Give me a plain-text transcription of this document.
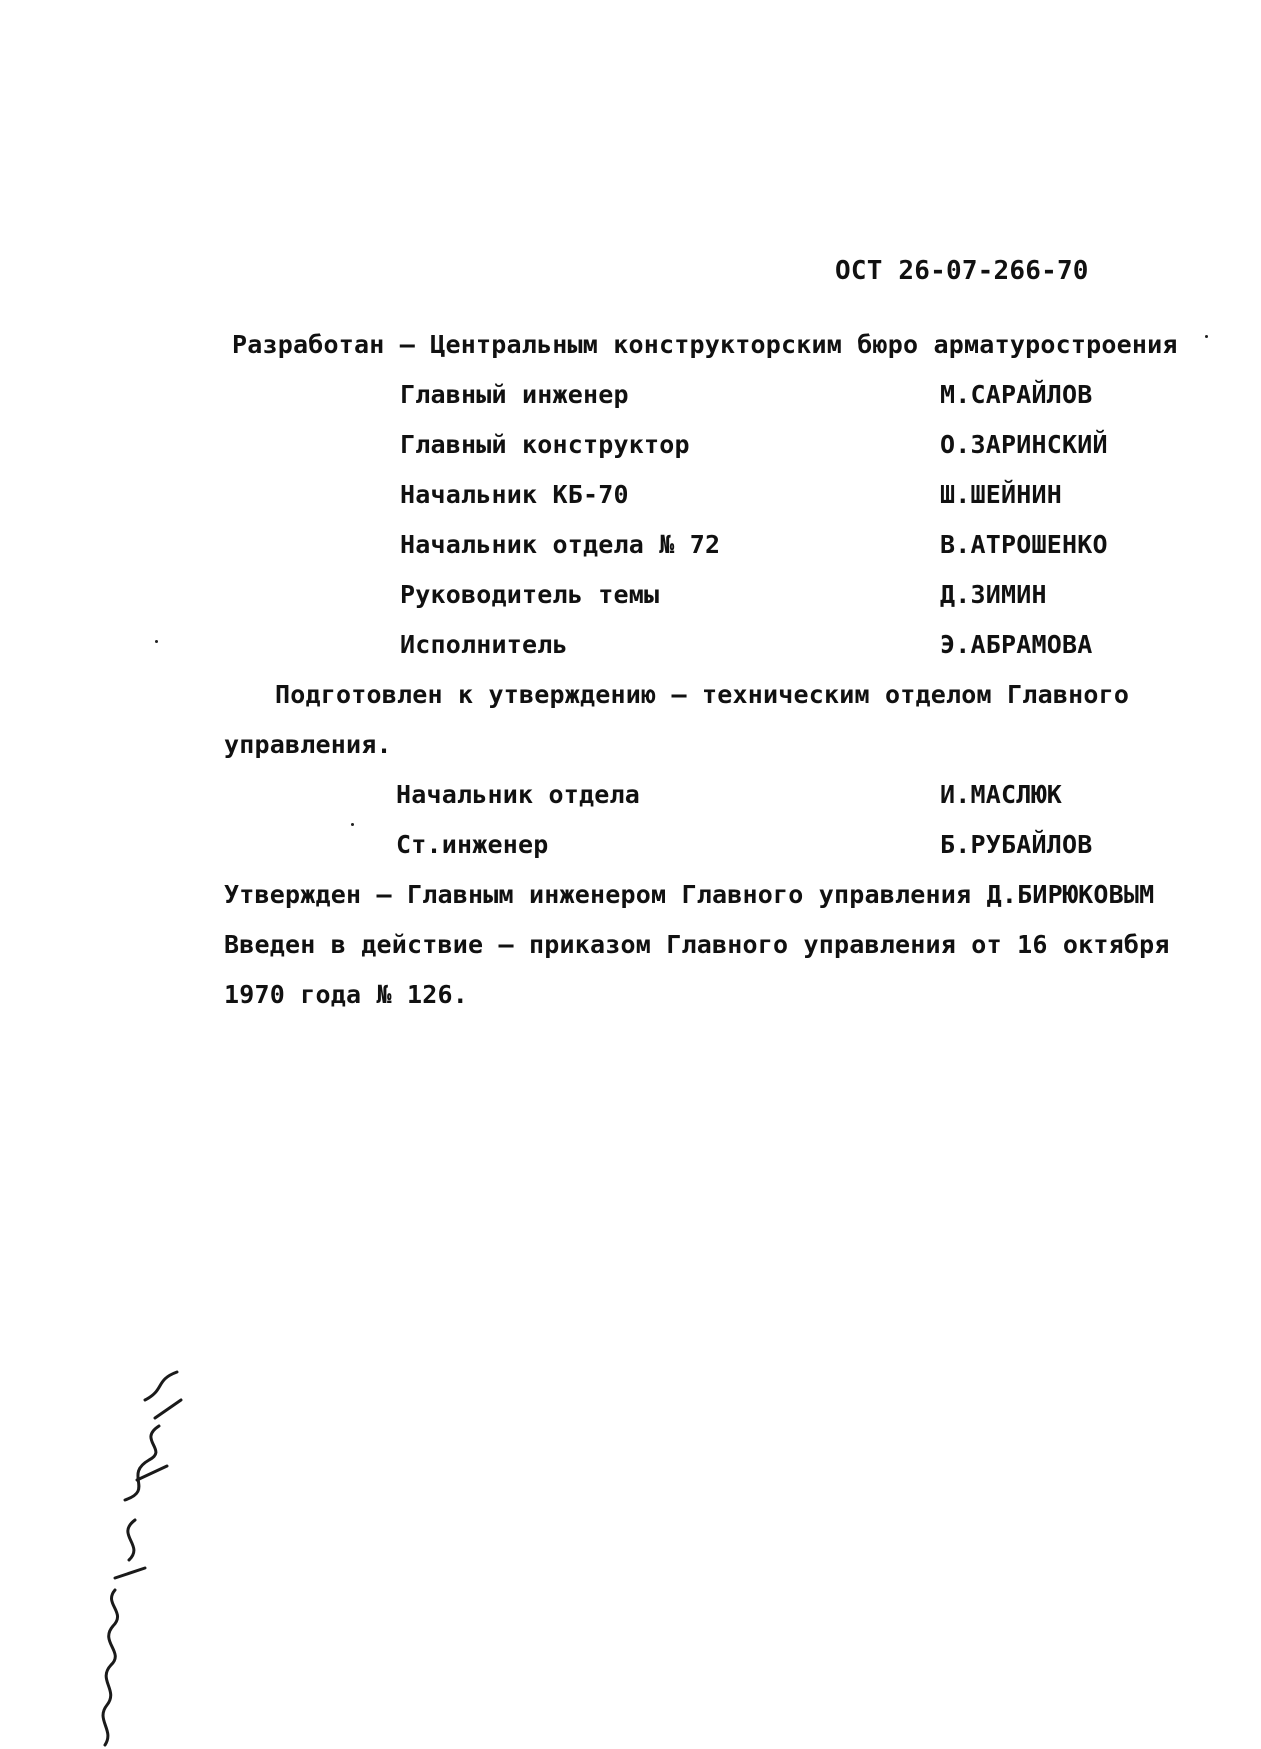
ОСТ 26-07-266-70
Разработан – Центральным конструкторским бюро арматуростроения
Главный инженер	М.САРАЙЛОВ
Главный конструктор	О.ЗАРИНСКИЙ
Начальник КБ-70	Ш.ШЕЙНИН
Начальник отдела № 72	В.АТРОШЕНКО
Руководитель темы	Д.ЗИМИН
Исполнитель	Э.АБРАМОВА
Подготовлен к утверждению – техническим отделом Главного
управления.
Начальник отдела	И.МАСЛЮК
Ст.инженер	Б.РУБАЙЛОВ
Утвержден – Главным инженером Главного управления Д.БИРЮКОВЫМ
Введен в действие – приказом Главного управления от 16 октября
1970 года № 126.
